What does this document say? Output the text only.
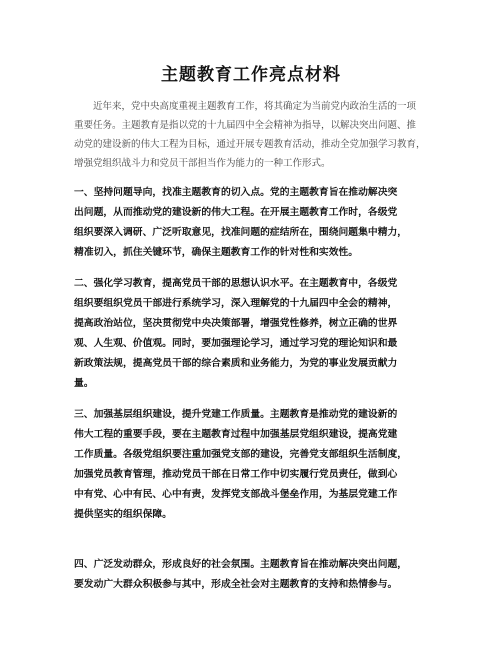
主题教育工作亮点材料
近年来，党中央高度重视主题教育工作，将其确定为当前党内政治生活的一项
重要任务。主题教育是指以党的十九届四中全会精神为指导，以解决突出问题、推
动党的建设新的伟大工程为目标，通过开展专题教育活动，推动全党加强学习教育，
增强党组织战斗力和党员干部担当作为能力的一种工作形式。
一、坚持问题导向，找准主题教育的切入点。党的主题教育旨在推动解决突
出问题，从而推动党的建设新的伟大工程。在开展主题教育工作时，各级党
组织要深入调研、广泛听取意见，找准问题的症结所在，围绕问题集中精力，
精准切入，抓住关键环节，确保主题教育工作的针对性和实效性。
二、强化学习教育，提高党员干部的思想认识水平。在主题教育中，各级党
组织要组织党员干部进行系统学习，深入理解党的十九届四中全会的精神，
提高政治站位，坚决贯彻党中央决策部署，增强党性修养，树立正确的世界
观、人生观、价值观。同时，要加强理论学习，通过学习党的理论知识和最
新政策法规，提高党员干部的综合素质和业务能力，为党的事业发展贡献力
量。
三、加强基层组织建设，提升党建工作质量。主题教育是推动党的建设新的
伟大工程的重要手段，要在主题教育过程中加强基层党组织建设，提高党建
工作质量。各级党组织要注重加强党支部的建设，完善党支部组织生活制度，
加强党员教育管理，推动党员干部在日常工作中切实履行党员责任，做到心
中有党、心中有民、心中有责，发挥党支部战斗堡垒作用，为基层党建工作
提供坚实的组织保障。
四、广泛发动群众，形成良好的社会氛围。主题教育旨在推动解决突出问题，
要发动广大群众积极参与其中，形成全社会对主题教育的支持和热情参与。
